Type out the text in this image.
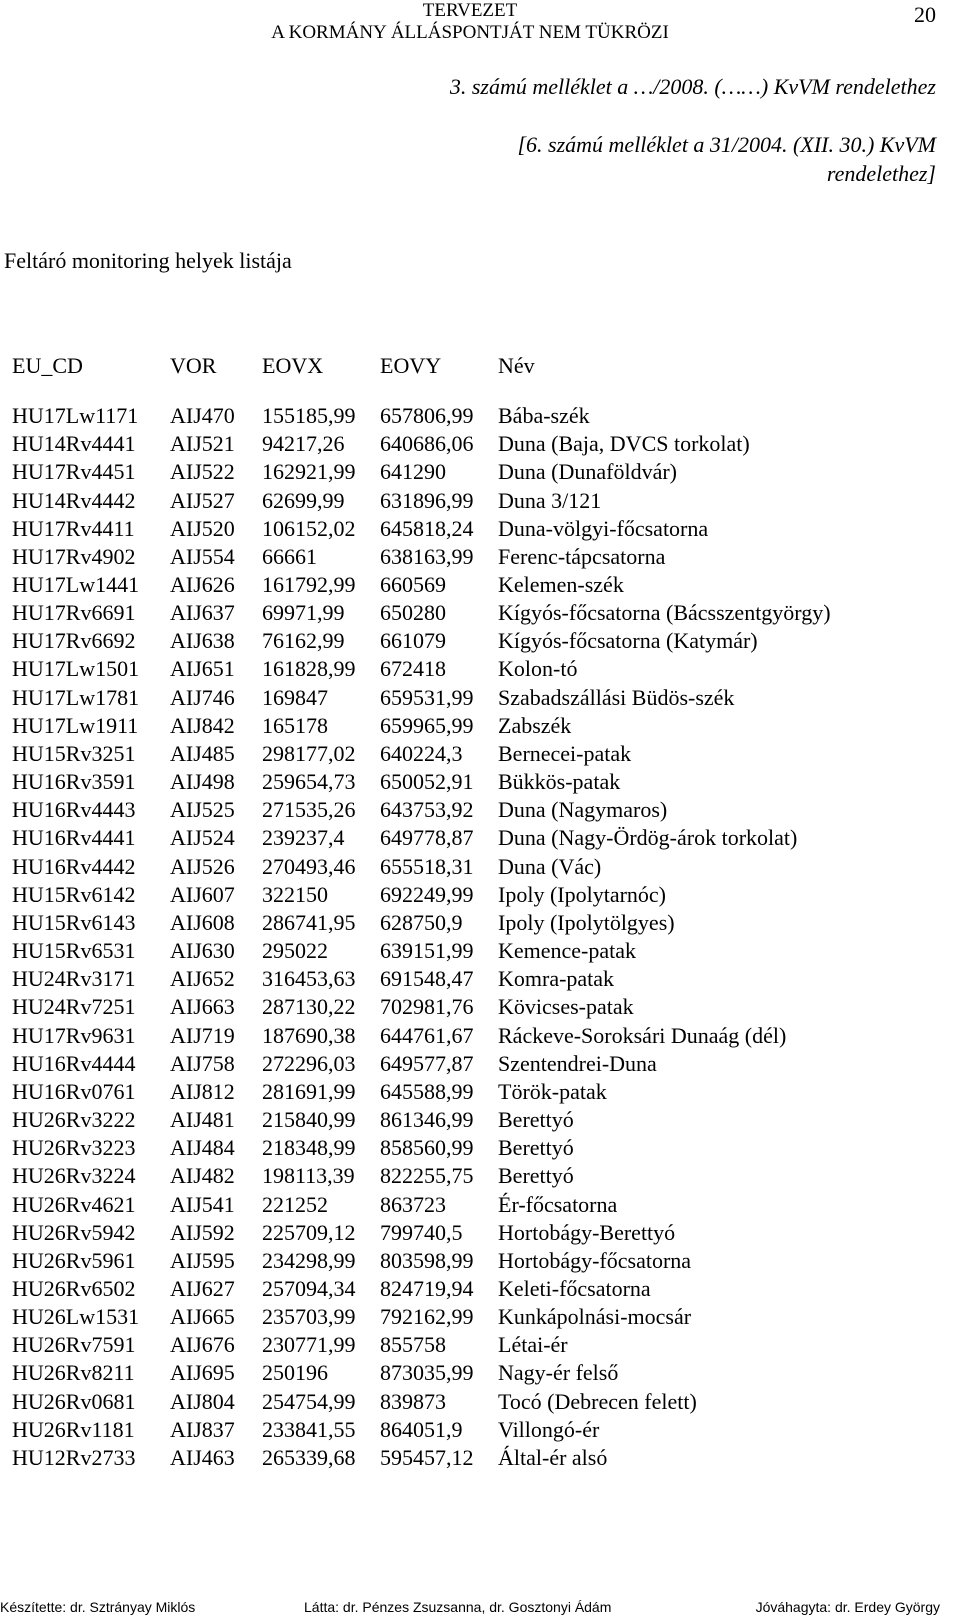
TERVEZET
A KORMÁNY ÁLLÁSPONTJÁT NEM TÜKRÖZI
20
3. számú melléklet a …/2008. (……) KvVM rendelethez
[6. számú melléklet a 31/2004. (XII. 30.) KvVM rendelethez]
Feltáró monitoring helyek listája
EU_CD	VOR EOVX	EOVY	Név
HU17Lw1171 AIJ470 155185,99 657806,99 Bába-szék
HU14Rv4441 AIJ521 94217,26 640686,06 Duna (Baja, DVCS torkolat)
HU17Rv4451 AIJ522 162921,99 641290 Duna (Dunaföldvár)
HU14Rv4442 AIJ527 62699,99 631896,99 Duna 3/121
HU17Rv4411 AIJ520 106152,02 645818,24 Duna-völgyi-főcsatorna
HU17Rv4902 AIJ554 66661	638163,99 Ferenc-tápcsatorna
HU17Lw1441 AIJ626 161792,99 660569 Kelemen-szék
HU17Rv6691 AIJ637 69971,99 650280 Kígyós-főcsatorna (Bácsszentgyörgy)
HU17Rv6692 AIJ638 76162,99 661079 Kígyós-főcsatorna (Katymár)
HU17Lw1501 AIJ651 161828,99 672418 Kolon-tó
HU17Lw1781 AIJ746 169847 659531,99 Szabadszállási Büdös-szék
HU17Lw1911 AIJ842 165178 659965,99 Zabszék
HU15Rv3251 AIJ485 298177,02 640224,3 Bernecei-patak
HU16Rv3591 AIJ498 259654,73 650052,91 Bükkös-patak
HU16Rv4443 AIJ525 271535,26 643753,92 Duna (Nagymaros)
HU16Rv4441 AIJ524 239237,4 649778,87 Duna (Nagy-Ördög-árok torkolat)
HU16Rv4442 AIJ526 270493,46 655518,31 Duna (Vác)
HU15Rv6142 AIJ607 322150 692249,99 Ipoly (Ipolytarnóc)
HU15Rv6143 AIJ608 286741,95 628750,9 Ipoly (Ipolytölgyes)
HU15Rv6531 AIJ630 295022 639151,99 Kemence-patak
HU24Rv3171 AIJ652 316453,63 691548,47 Komra-patak
HU24Rv7251 AIJ663 287130,22 702981,76 Kövicses-patak
HU17Rv9631 AIJ719 187690,38 644761,67 Ráckeve-Soroksári Dunaág (dél)
HU16Rv4444 AIJ758 272296,03 649577,87 Szentendrei-Duna
HU16Rv0761 AIJ812 281691,99 645588,99 Török-patak
HU26Rv3222 AIJ481 215840,99 861346,99 Berettyó
HU26Rv3223 AIJ484 218348,99 858560,99 Berettyó
HU26Rv3224 AIJ482 198113,39 822255,75 Berettyó
HU26Rv4621 AIJ541 221252 863723 Ér-főcsatorna
HU26Rv5942 AIJ592 225709,12 799740,5 Hortobágy-Berettyó
HU26Rv5961 AIJ595 234298,99 803598,99 Hortobágy-főcsatorna
HU26Rv6502 AIJ627 257094,34 824719,94 Keleti-főcsatorna
HU26Lw1531 AIJ665 235703,99 792162,99 Kunkápolnási-mocsár
HU26Rv7591 AIJ676 230771,99 855758 Létai-ér
HU26Rv8211 AIJ695 250196 873035,99 Nagy-ér felső
HU26Rv0681 AIJ804 254754,99 839873 Tocó (Debrecen felett)
HU26Rv1181 AIJ837 233841,55 864051,9 Villongó-ér
HU12Rv2733 AIJ463 265339,68 595457,12 Által-ér alsó
Készítette: dr. Sztrányay Miklós	Látta: dr. Pénzes Zsuzsanna, dr. Gosztonyi Ádám	Jóváhagyta: dr. Erdey György
